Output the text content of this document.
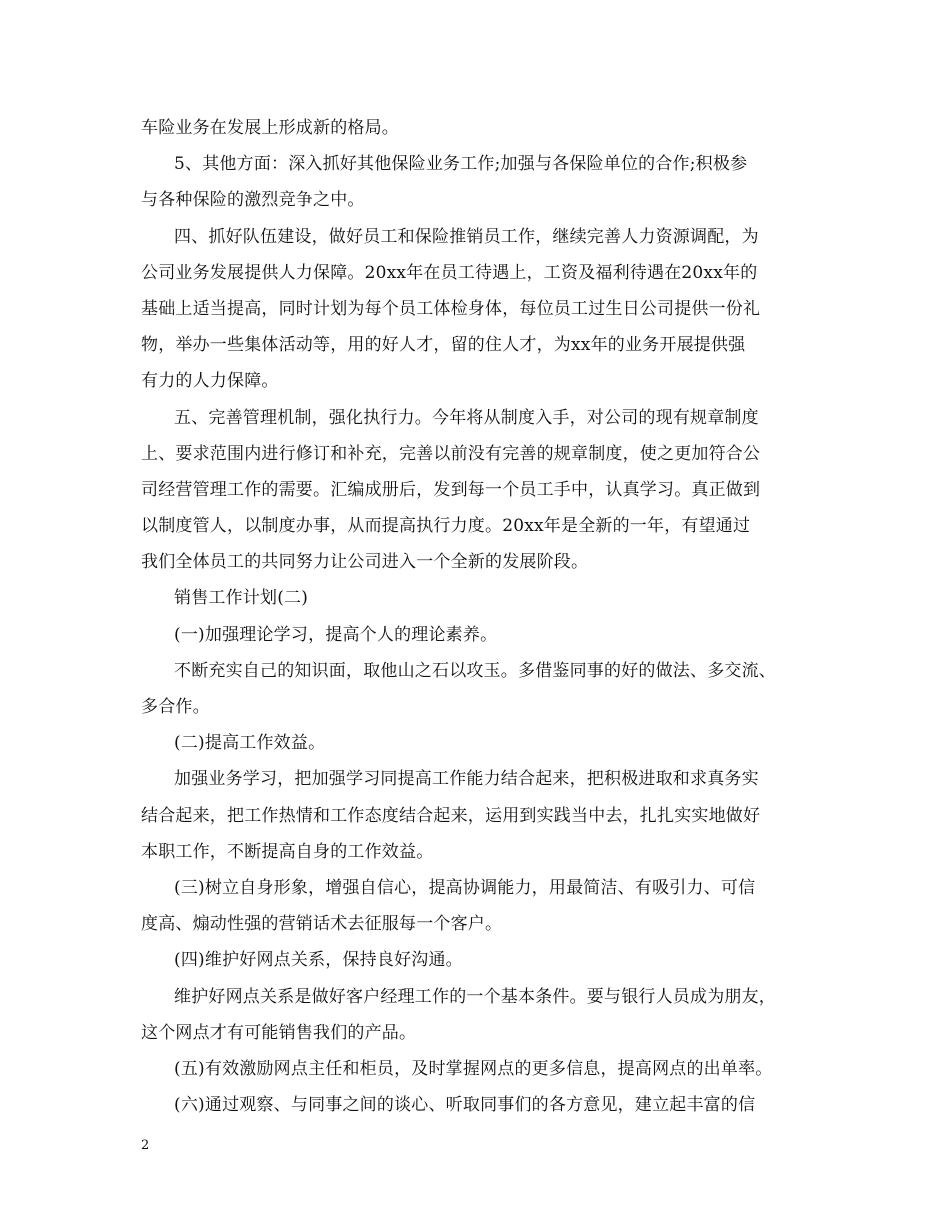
车险业务在发展上形成新的格局。
5、其他方面：深入抓好其他保险业务工作;加强与各保险单位的合作;积极参
与各种保险的激烈竞争之中。
四、抓好队伍建设，做好员工和保险推销员工作，继续完善人力资源调配，为
公司业务发展提供人力保障。20xx年在员工待遇上，工资及福利待遇在20xx年的
基础上适当提高，同时计划为每个员工体检身体，每位员工过生日公司提供一份礼
物，举办一些集体活动等，用的好人才，留的住人才，为xx年的业务开展提供强
有力的人力保障。
五、完善管理机制，强化执行力。今年将从制度入手，对公司的现有规章制度
上、要求范围内进行修订和补充，完善以前没有完善的规章制度，使之更加符合公
司经营管理工作的需要。汇编成册后，发到每一个员工手中，认真学习。真正做到
以制度管人，以制度办事，从而提高执行力度。20xx年是全新的一年，有望通过
我们全体员工的共同努力让公司进入一个全新的发展阶段。
销售工作计划(二)
(一)加强理论学习，提高个人的理论素养。
不断充实自己的知识面，取他山之石以攻玉。多借鉴同事的好的做法、多交流、
多合作。
(二)提高工作效益。
加强业务学习，把加强学习同提高工作能力结合起来，把积极进取和求真务实
结合起来，把工作热情和工作态度结合起来，运用到实践当中去，扎扎实实地做好
本职工作，不断提高自身的工作效益。
(三)树立自身形象，增强自信心，提高协调能力，用最简洁、有吸引力、可信
度高、煽动性强的营销话术去征服每一个客户。
(四)维护好网点关系，保持良好沟通。
维护好网点关系是做好客户经理工作的一个基本条件。要与银行人员成为朋友，
这个网点才有可能销售我们的产品。
(五)有效激励网点主任和柜员，及时掌握网点的更多信息，提高网点的出单率。
(六)通过观察、与同事之间的谈心、听取同事们的各方意见，建立起丰富的信
2
